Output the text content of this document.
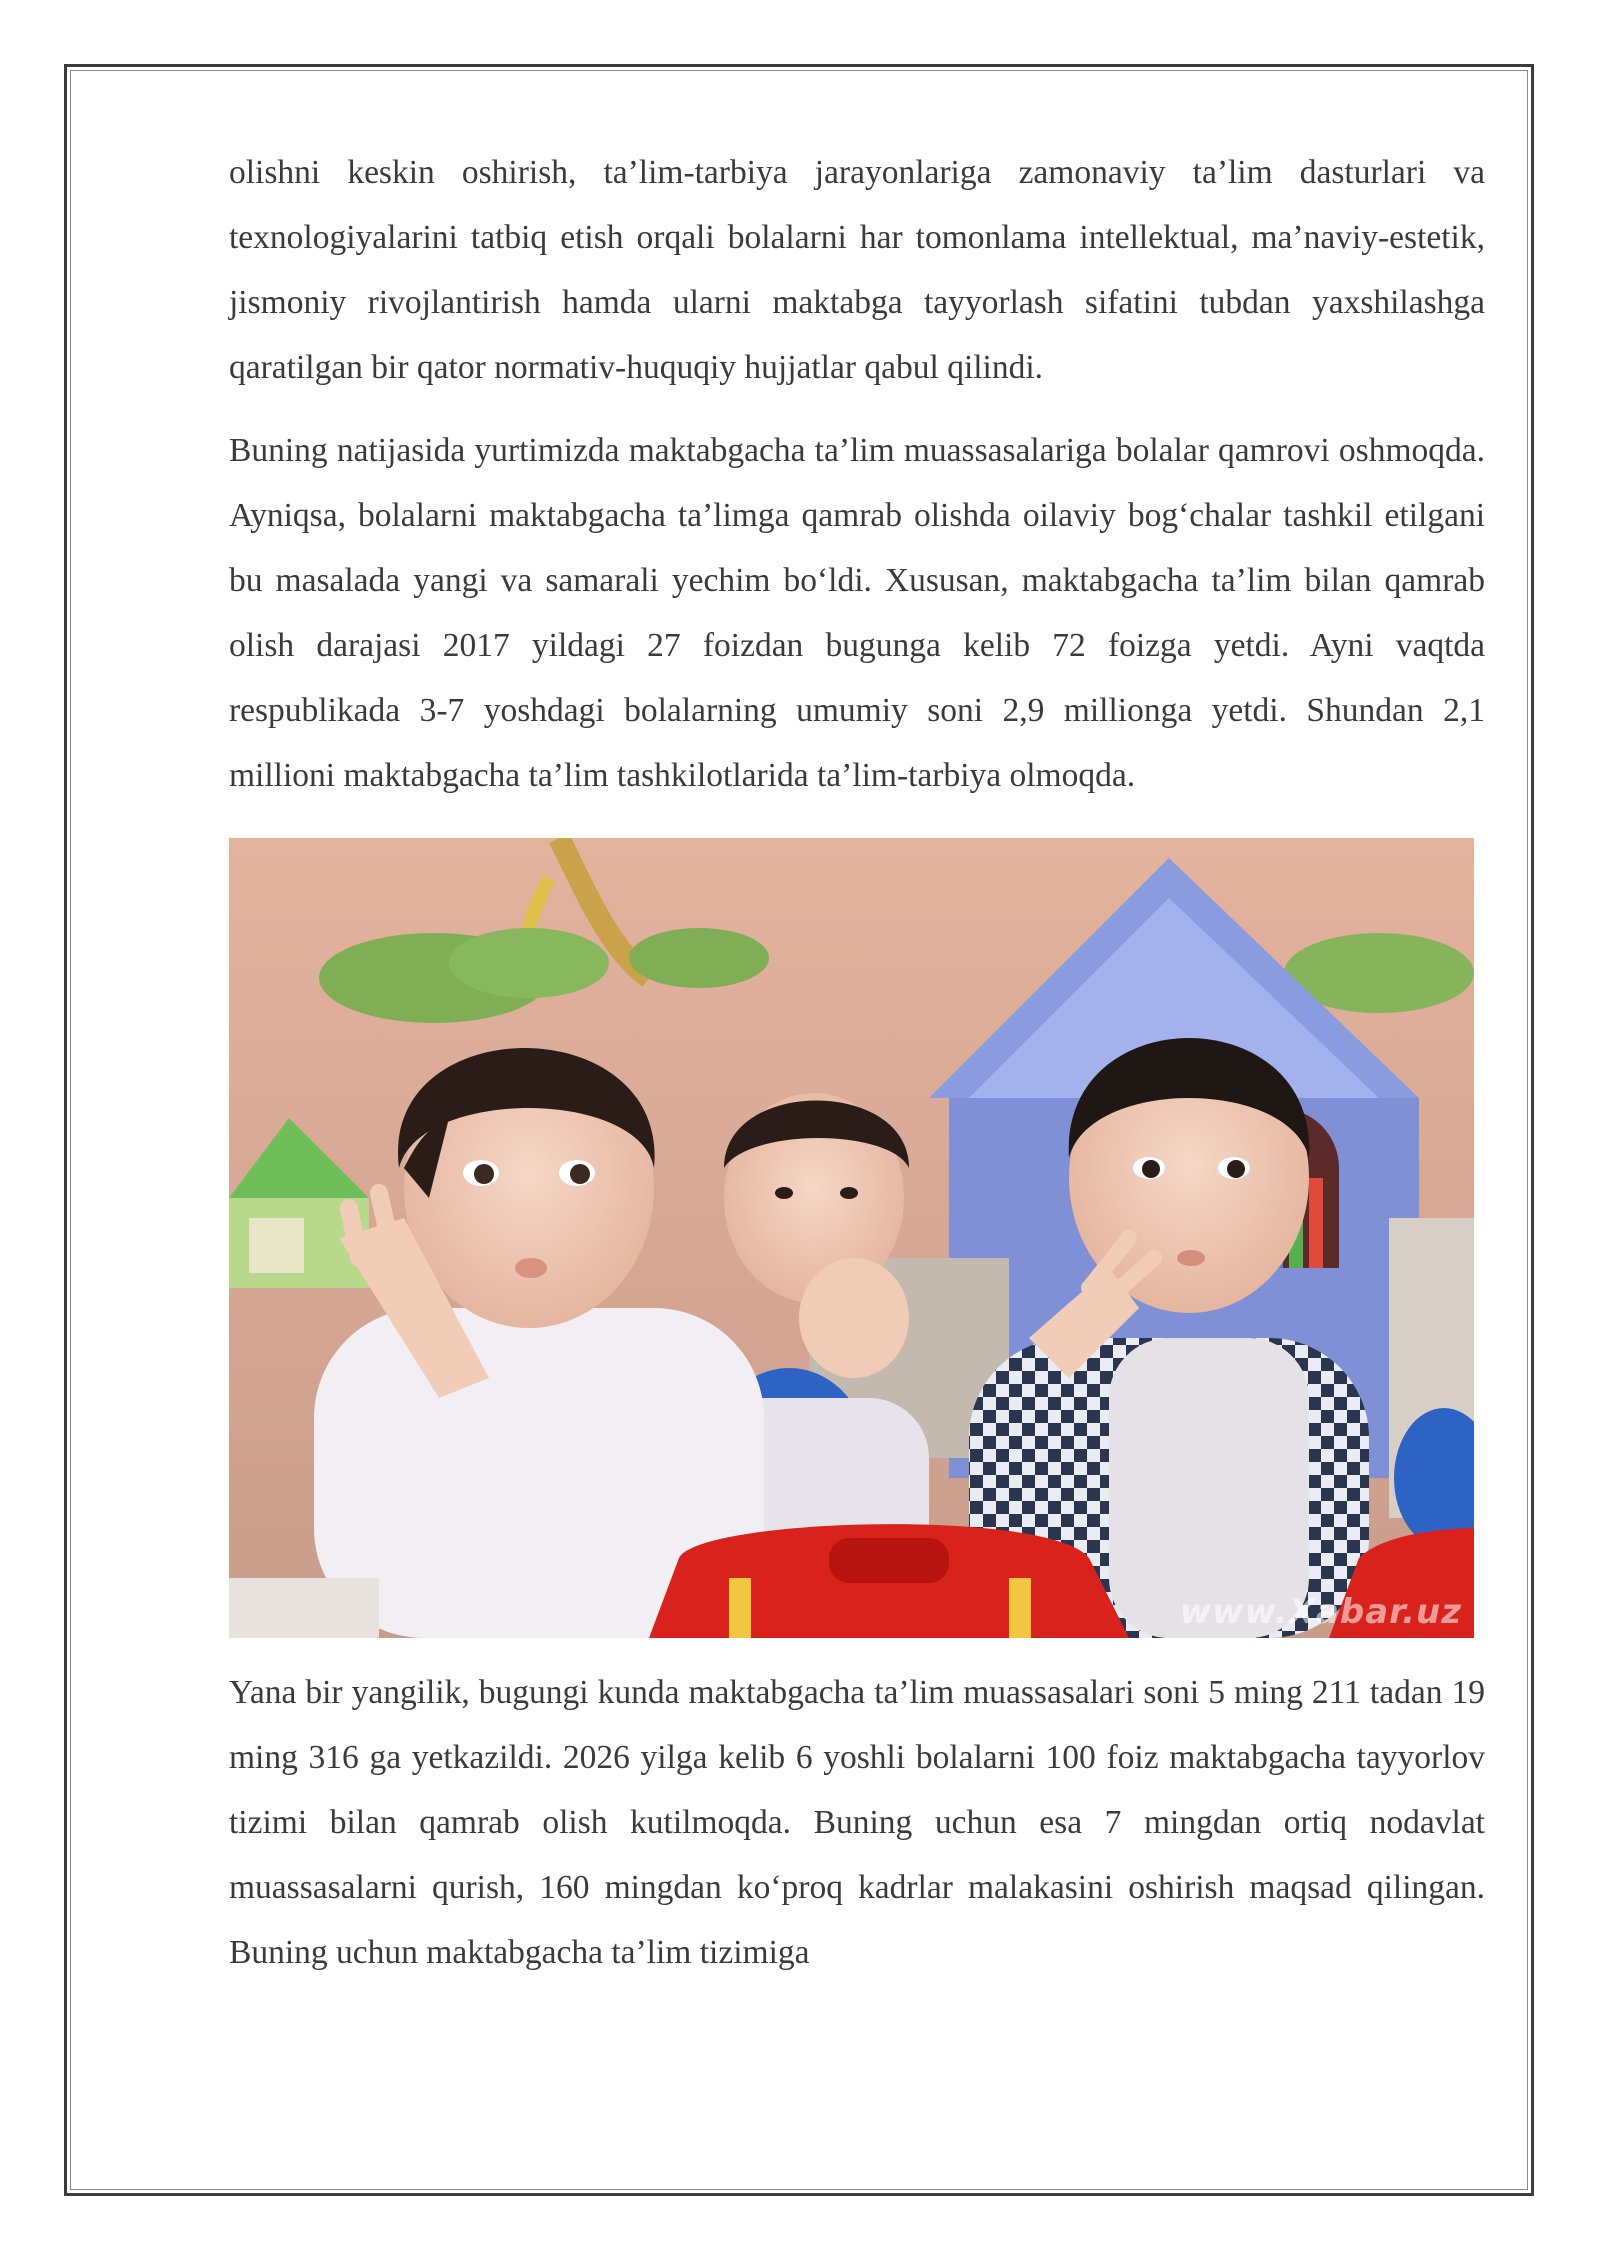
olishni keskin oshirish, ta’lim-tarbiya jarayonlariga zamonaviy ta’lim dasturlari va texnologiyalarini tatbiq etish orqali bolalarni har tomonlama intellektual, ma’naviy-estetik, jismoniy rivojlantirish hamda ularni maktabga tayyorlash sifatini tubdan yaxshilashga qaratilgan bir qator normativ-huquqiy hujjatlar qabul qilindi.

Buning natijasida yurtimizda maktabgacha ta’lim muassasalariga bolalar qamrovi oshmoqda. Ayniqsa, bolalarni maktabgacha ta’limga qamrab olishda oilaviy bog‘chalar tashkil etilgani bu masalada yangi va samarali yechim bo‘ldi. Xususan, maktabgacha ta’lim bilan qamrab olish darajasi 2017 yildagi 27 foizdan bugunga kelib 72 foizga yetdi. Ayni vaqtda respublikada 3-7 yoshdagi bolalarning umumiy soni 2,9 millionga yetdi. Shundan 2,1 millioni maktabgacha ta’lim tashkilotlarida ta’lim-tarbiya olmoqda.

www.Xabar.uz

Yana bir yangilik, bugungi kunda maktabgacha ta’lim muassasalari soni 5 ming 211 tadan 19 ming 316 ga yetkazildi. 2026 yilga kelib 6 yoshli bolalarni 100 foiz maktabgacha tayyorlov tizimi bilan qamrab olish kutilmoqda. Buning uchun esa 7 mingdan ortiq nodavlat muassasalarni qurish, 160 mingdan ko‘proq kadrlar malakasini oshirish maqsad qilingan. Buning uchun maktabgacha ta’lim tizimiga
